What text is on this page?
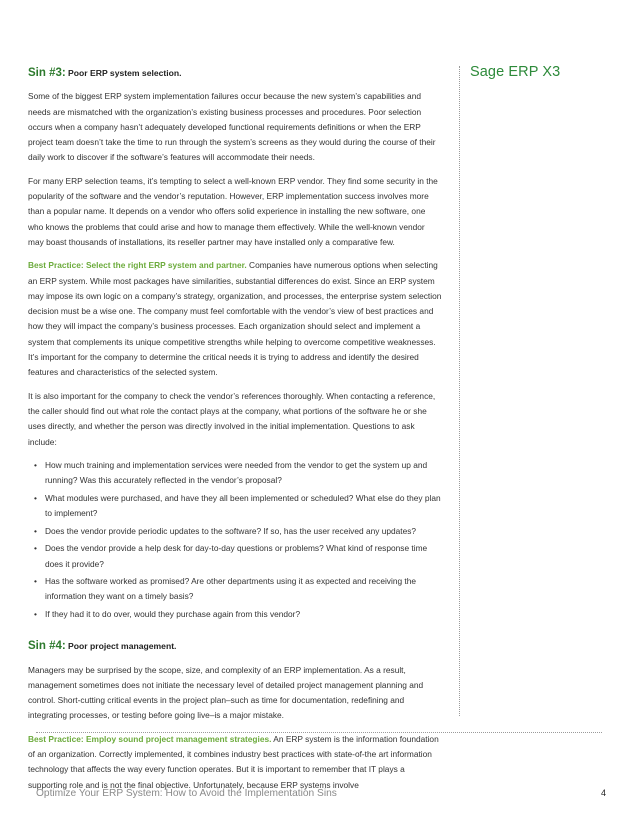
Sin #3: Poor ERP system selection.

Some of the biggest ERP system implementation failures occur because the new system’s capabilities and needs are mismatched with the organization’s existing business processes and procedures. Poor selection occurs when a company hasn’t adequately developed functional requirements definitions or when the ERP project team doesn’t take the time to run through the system’s screens as they would during the course of their daily work to discover if the software’s features will accommodate their needs.

For many ERP selection teams, it’s tempting to select a well-known ERP vendor. They find some security in the popularity of the software and the vendor’s reputation. However, ERP implementation success involves more than a popular name. It depends on a vendor who offers solid experience in installing the new software, one who knows the problems that could arise and how to manage them effectively. While the well-known vendor may boast thousands of installations, its reseller partner may have installed only a comparative few.

Best Practice: Select the right ERP system and partner. Companies have numerous options when selecting an ERP system. While most packages have similarities, substantial differences do exist. Since an ERP system may impose its own logic on a company’s strategy, organization, and processes, the enterprise system selection decision must be a wise one. The company must feel comfortable with the vendor’s view of best practices and how they will impact the company’s business processes. Each organization should select and implement a system that complements its unique competitive strengths while helping to overcome competitive weaknesses. It’s important for the company to determine the critical needs it is trying to address and identify the desired features and characteristics of the selected system.

It is also important for the company to check the vendor’s references thoroughly. When contacting a reference, the caller should find out what role the contact plays at the company, what portions of the software he or she uses directly, and whether the person was directly involved in the initial implementation. Questions to ask include:

• How much training and implementation services were needed from the vendor to get the system up and running? Was this accurately reflected in the vendor’s proposal?
• What modules were purchased, and have they all been implemented or scheduled? What else do they plan to implement?
• Does the vendor provide periodic updates to the software? If so, has the user received any updates?
• Does the vendor provide a help desk for day-to-day questions or problems? What kind of response time does it provide?
• Has the software worked as promised? Are other departments using it as expected and receiving the information they want on a timely basis?
• If they had it to do over, would they purchase again from this vendor?
Sin #4: Poor project management.

Managers may be surprised by the scope, size, and complexity of an ERP implementation. As a result, management sometimes does not initiate the necessary level of detailed project management planning and control. Short-cutting critical events in the project plan–such as time for documentation, redefining and integrating processes, or testing before going live–is a major mistake.

Best Practice: Employ sound project management strategies. An ERP system is the information foundation of an organization. Correctly implemented, it combines industry best practices with state-of-the art information technology that affects the way every function operates. But it is important to remember that IT plays a supporting role and is not the final objective. Unfortunately, because ERP systems involve

Sage ERP X3
Optimize Your ERP System: How to Avoid the Implementation Sins	4
